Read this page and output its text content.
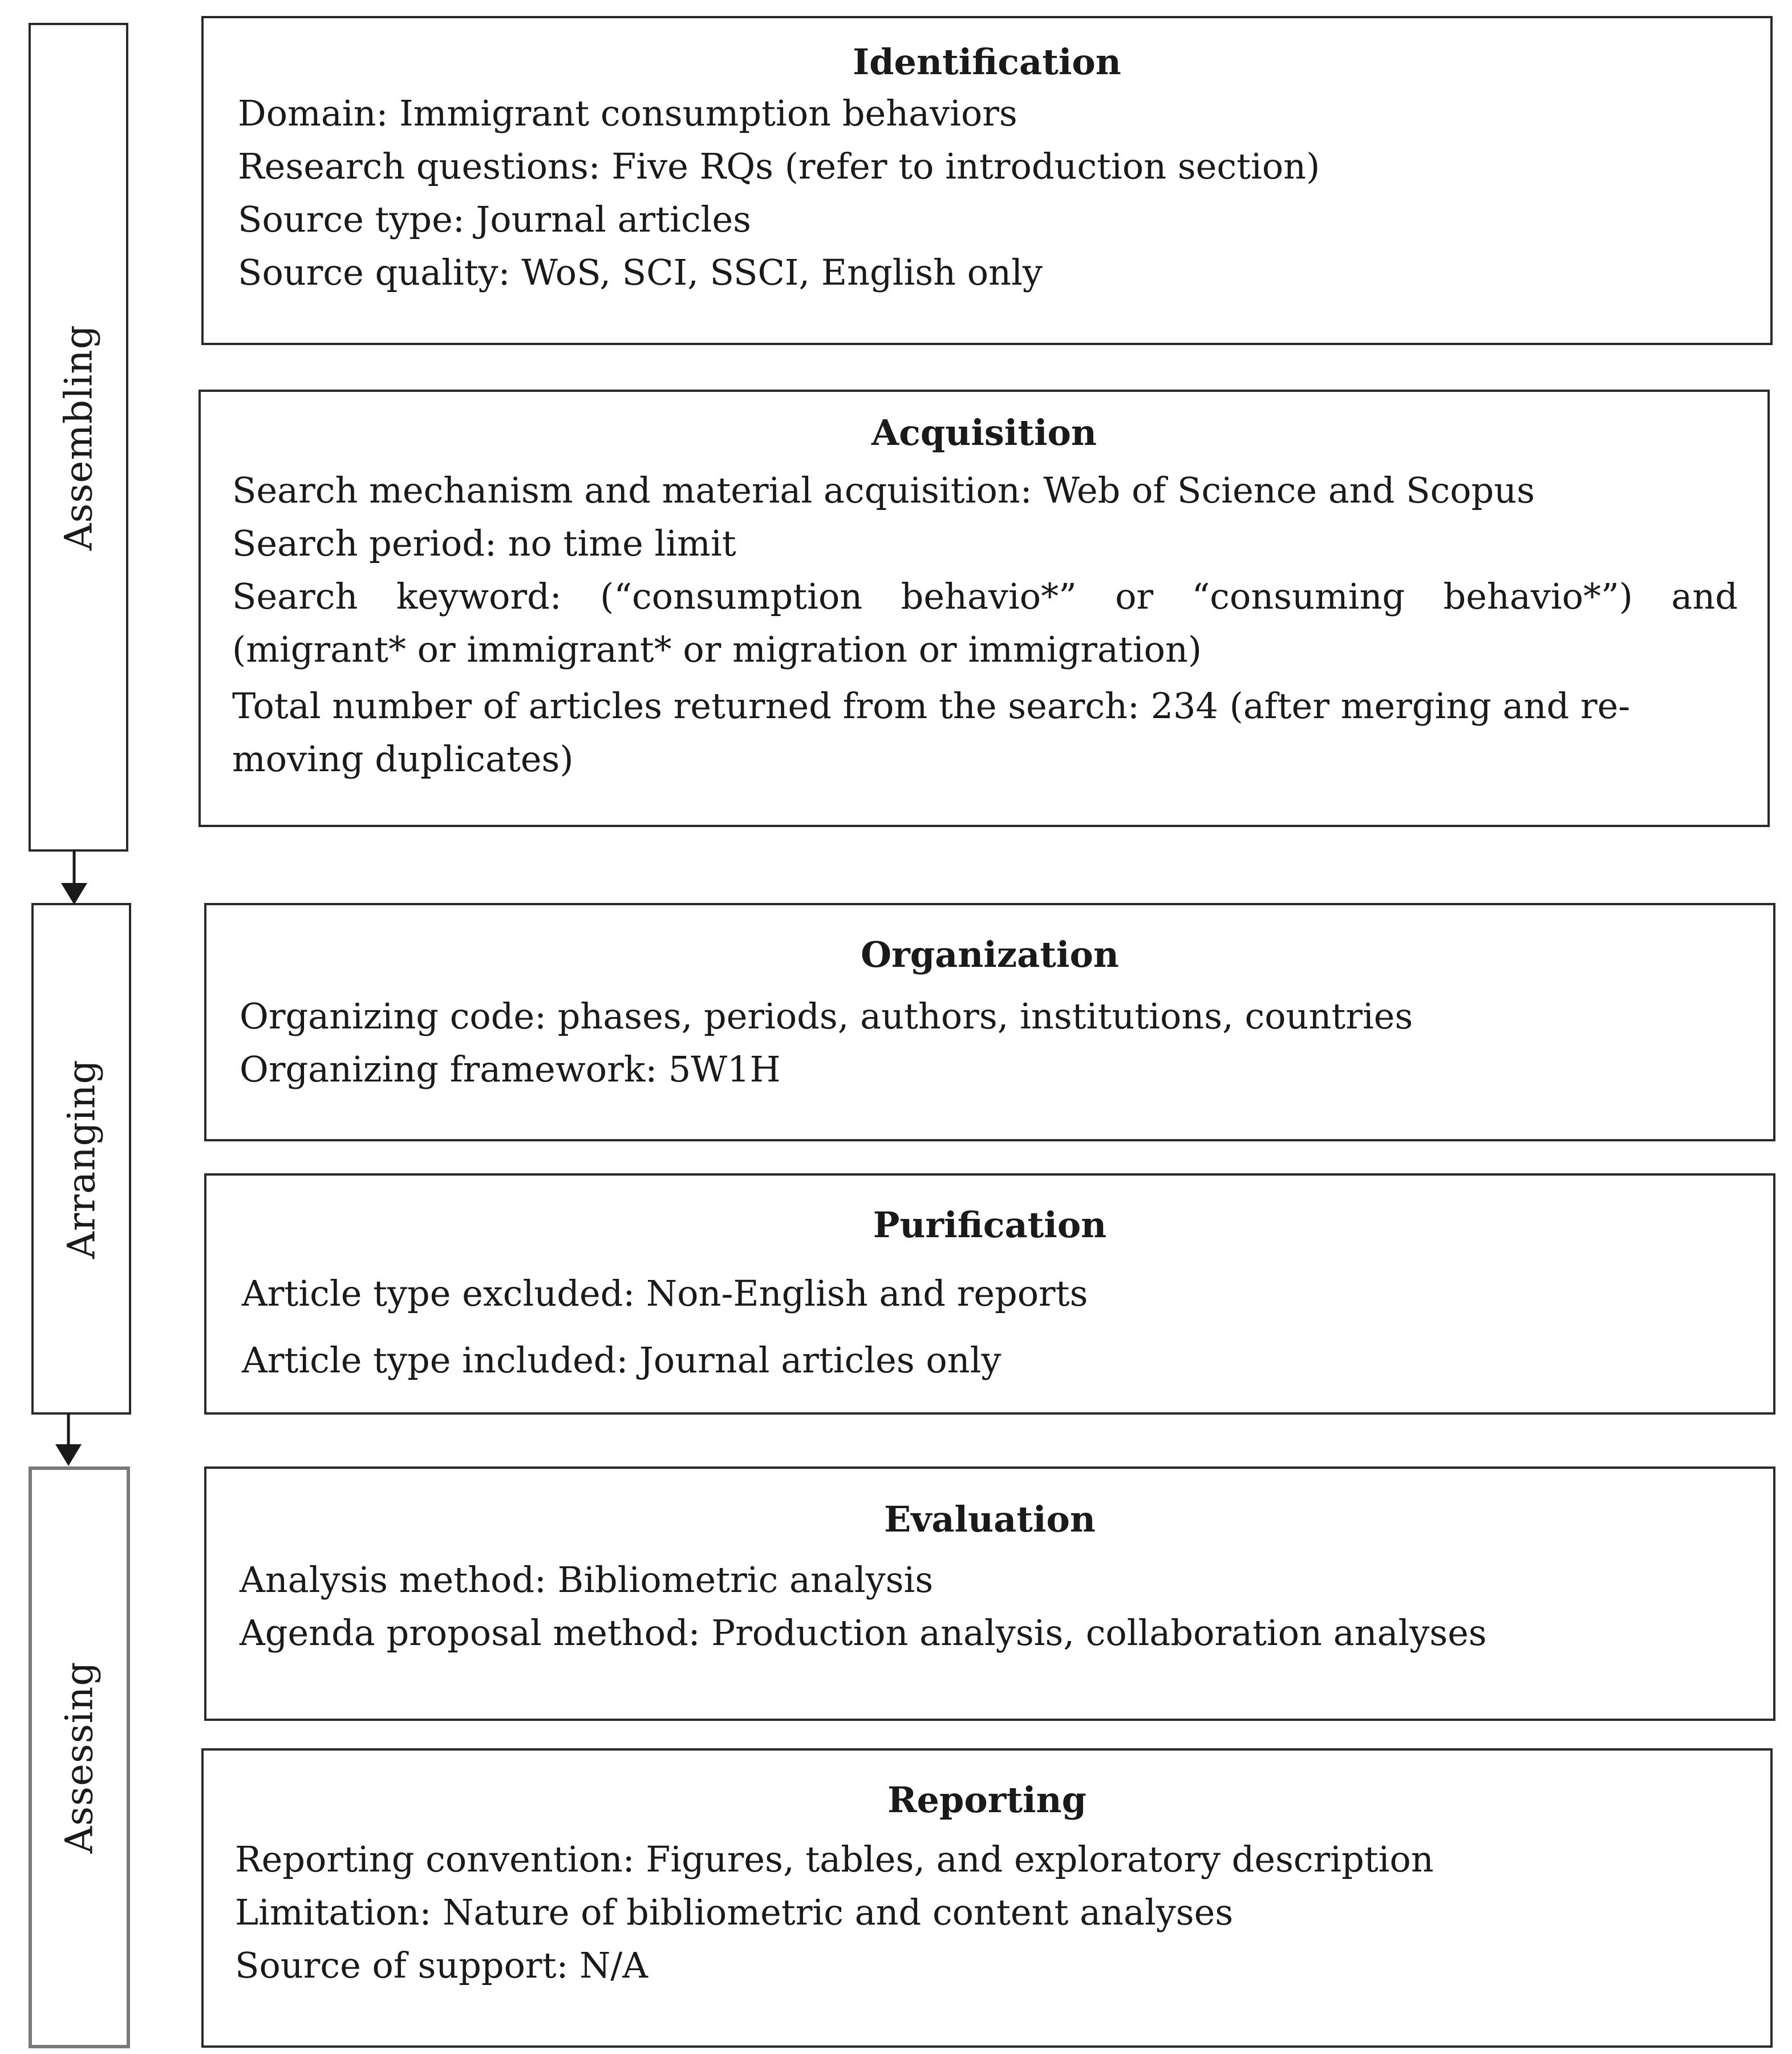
Assembling
Arranging
Assessing
Identification
Domain: Immigrant consumption behaviors
Research questions: Five RQs (refer to introduction section)
Source type: Journal articles
Source quality: WoS, SCI, SSCI, English only
Acquisition
Search mechanism and material acquisition: Web of Science and Scopus
Search period: no time limit
Search keyword: (“consumption behavio*” or “consuming behavio*”) and
(migrant* or immigrant* or migration or immigration)
Total number of articles returned from the search: 234 (after merging and re-
moving duplicates)
Organization
Organizing code: phases, periods, authors, institutions, countries
Organizing framework: 5W1H
Purification
Article type excluded: Non-English and reports
Article type included: Journal articles only
Evaluation
Analysis method: Bibliometric analysis
Agenda proposal method: Production analysis, collaboration analyses
Reporting
Reporting convention: Figures, tables, and exploratory description
Limitation: Nature of bibliometric and content analyses
Source of support: N/A
